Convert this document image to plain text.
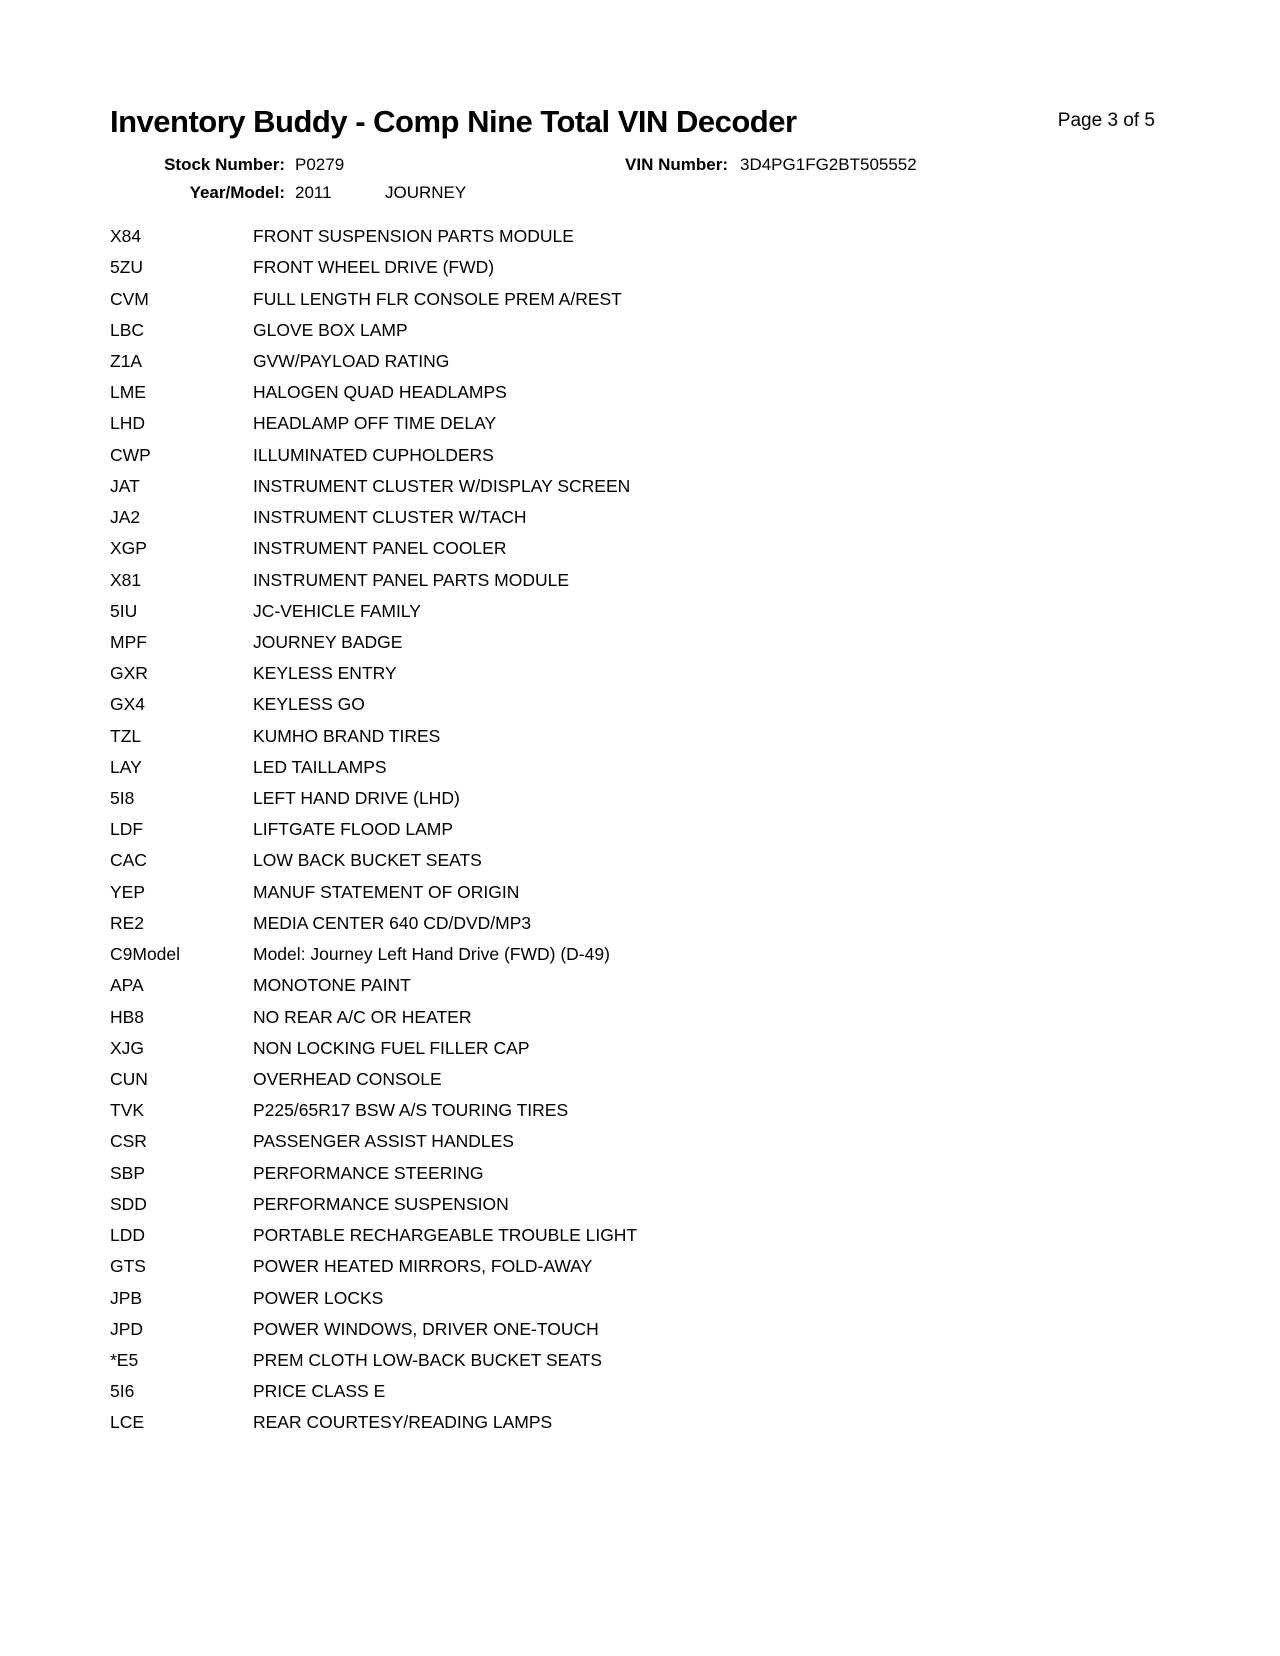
Inventory Buddy - Comp Nine Total VIN Decoder	Page 3 of 5
Stock Number: P0279	VIN Number: 3D4PG1FG2BT505552
Year/Model: 2011	JOURNEY
X84	FRONT SUSPENSION PARTS MODULE
5ZU	FRONT WHEEL DRIVE (FWD)
CVM	FULL LENGTH FLR CONSOLE PREM A/REST
LBC	GLOVE BOX LAMP
Z1A	GVW/PAYLOAD RATING
LME	HALOGEN QUAD HEADLAMPS
LHD	HEADLAMP OFF TIME DELAY
CWP	ILLUMINATED CUPHOLDERS
JAT	INSTRUMENT CLUSTER W/DISPLAY SCREEN
JA2	INSTRUMENT CLUSTER W/TACH
XGP	INSTRUMENT PANEL COOLER
X81	INSTRUMENT PANEL PARTS MODULE
5IU	JC-VEHICLE FAMILY
MPF	JOURNEY BADGE
GXR	KEYLESS ENTRY
GX4	KEYLESS GO
TZL	KUMHO BRAND TIRES
LAY	LED TAILLAMPS
5I8	LEFT HAND DRIVE (LHD)
LDF	LIFTGATE FLOOD LAMP
CAC	LOW BACK BUCKET SEATS
YEP	MANUF STATEMENT OF ORIGIN
RE2	MEDIA CENTER 640 CD/DVD/MP3
C9Model	Model: Journey Left Hand Drive (FWD) (D-49)
APA	MONOTONE PAINT
HB8	NO REAR A/C OR HEATER
XJG	NON LOCKING FUEL FILLER CAP
CUN	OVERHEAD CONSOLE
TVK	P225/65R17 BSW A/S TOURING TIRES
CSR	PASSENGER ASSIST HANDLES
SBP	PERFORMANCE STEERING
SDD	PERFORMANCE SUSPENSION
LDD	PORTABLE RECHARGEABLE TROUBLE LIGHT
GTS	POWER HEATED MIRRORS, FOLD-AWAY
JPB	POWER LOCKS
JPD	POWER WINDOWS, DRIVER ONE-TOUCH
*E5	PREM CLOTH LOW-BACK BUCKET SEATS
5I6	PRICE CLASS E
LCE	REAR COURTESY/READING LAMPS
